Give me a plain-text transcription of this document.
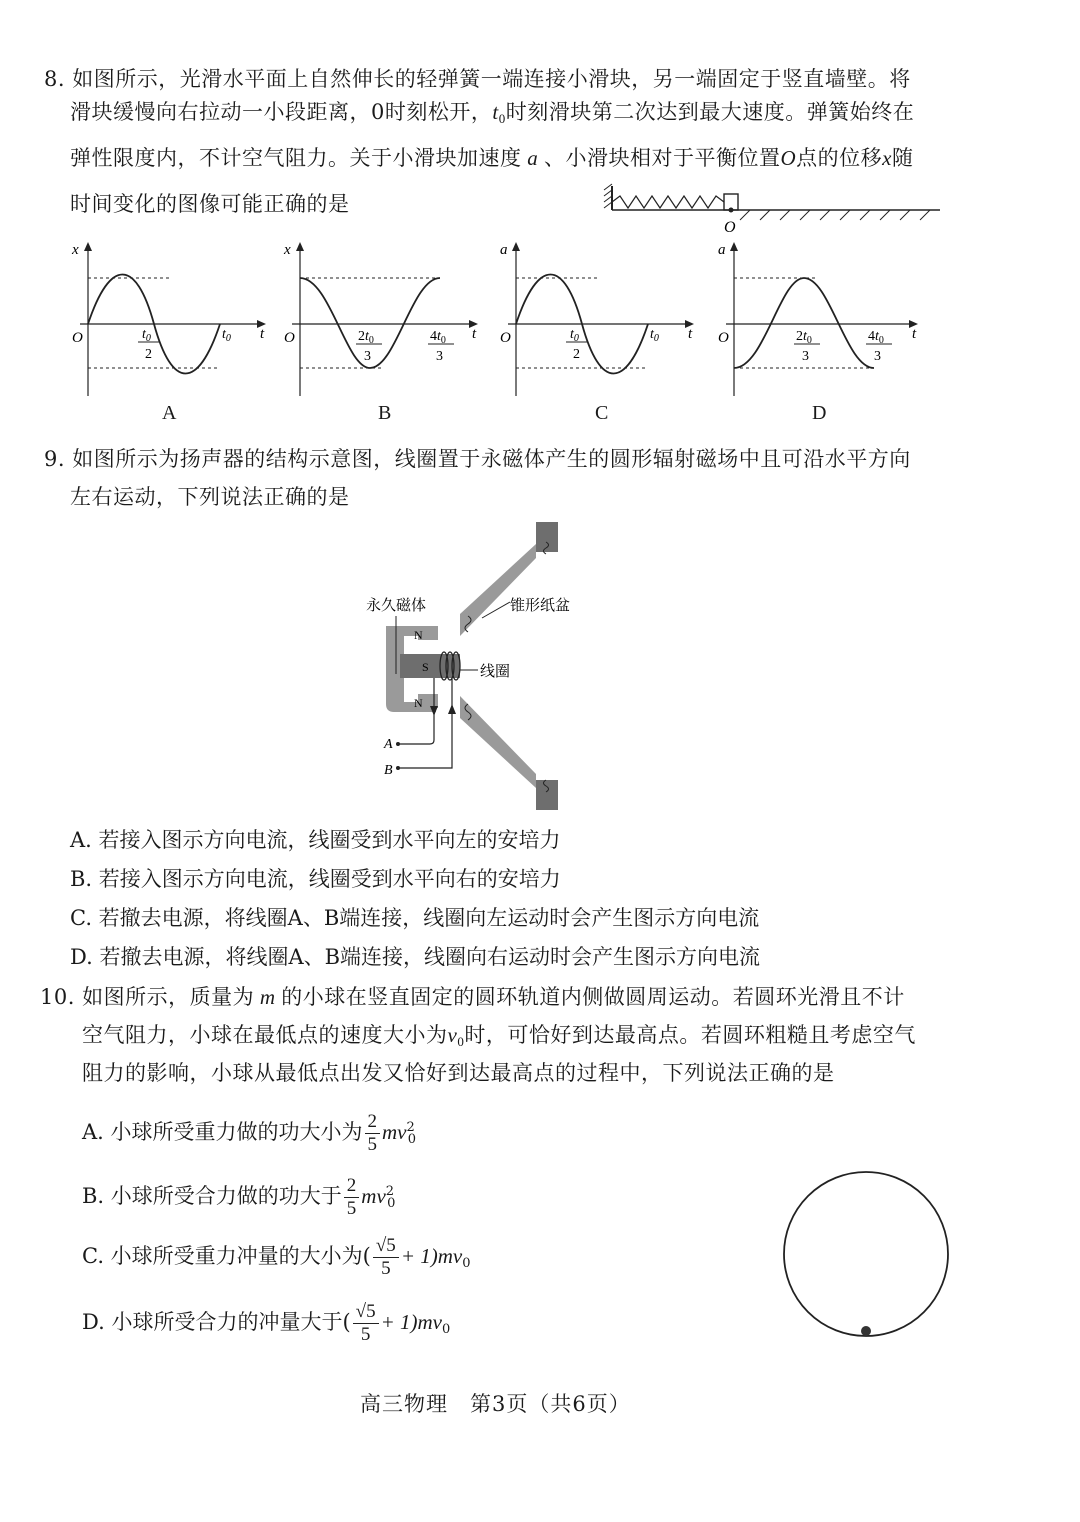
8. 如图所示，光滑水平面上自然伸长的轻弹簧一端连接小滑块，另一端固定于竖直墙壁。将
滑块缓慢向右拉动一小段距离，0时刻松开，$t_0$时刻滑块第二次达到最大速度。弹簧始终在
弹性限度内，不计空气阻力。关于小滑块加速度 a 、小滑块相对于平衡位置O点的位移x随
时间变化的图像可能正确的是
O
x
t
O	$t_0$
2
$t_0$
A
x
t
O	$2t_0$
3
$4t_0$
3
B
a
t
O	$t_0$
2
$t_0$
C
a
t
O	$2t_0$
3
$4t_0$
3
D
9. 如图所示为扬声器的结构示意图，线圈置于永磁体产生的圆形辐射磁场中且可沿水平方向
左右运动，下列说法正确的是
永久磁体	锥形纸盆
线圈
N
S
N
A
B
A. 若接入图示方向电流，线圈受到水平向左的安培力
B. 若接入图示方向电流，线圈受到水平向右的安培力
C. 若撤去电源，将线圈A、B端连接，线圈向左运动时会产生图示方向电流
D. 若撤去电源，将线圈A、B端连接，线圈向右运动时会产生图示方向电流
10. 如图所示，质量为 m 的小球在竖直固定的圆环轨道内侧做圆周运动。若圆环光滑且不计
空气阻力，小球在最低点的速度大小为$v_0$时，可恰好到达最高点。若圆环粗糙且考虑空气
阻力的影响，小球从最低点出发又恰好到达最高点的过程中，下列说法正确的是
A. 小球所受重力做的功大小为 $\frac{2}{5} mv^2_0$
B. 小球所受合力做的功大于 $\frac{2}{5} mv^2_0$
C. 小球所受重力冲量的大小为( $\frac{√5}{5} + 1)mv_0$
D. 小球所受合力的冲量大于( $\frac{√5}{5} + 1)mv_0$
高三物理　第3页（共6页）
